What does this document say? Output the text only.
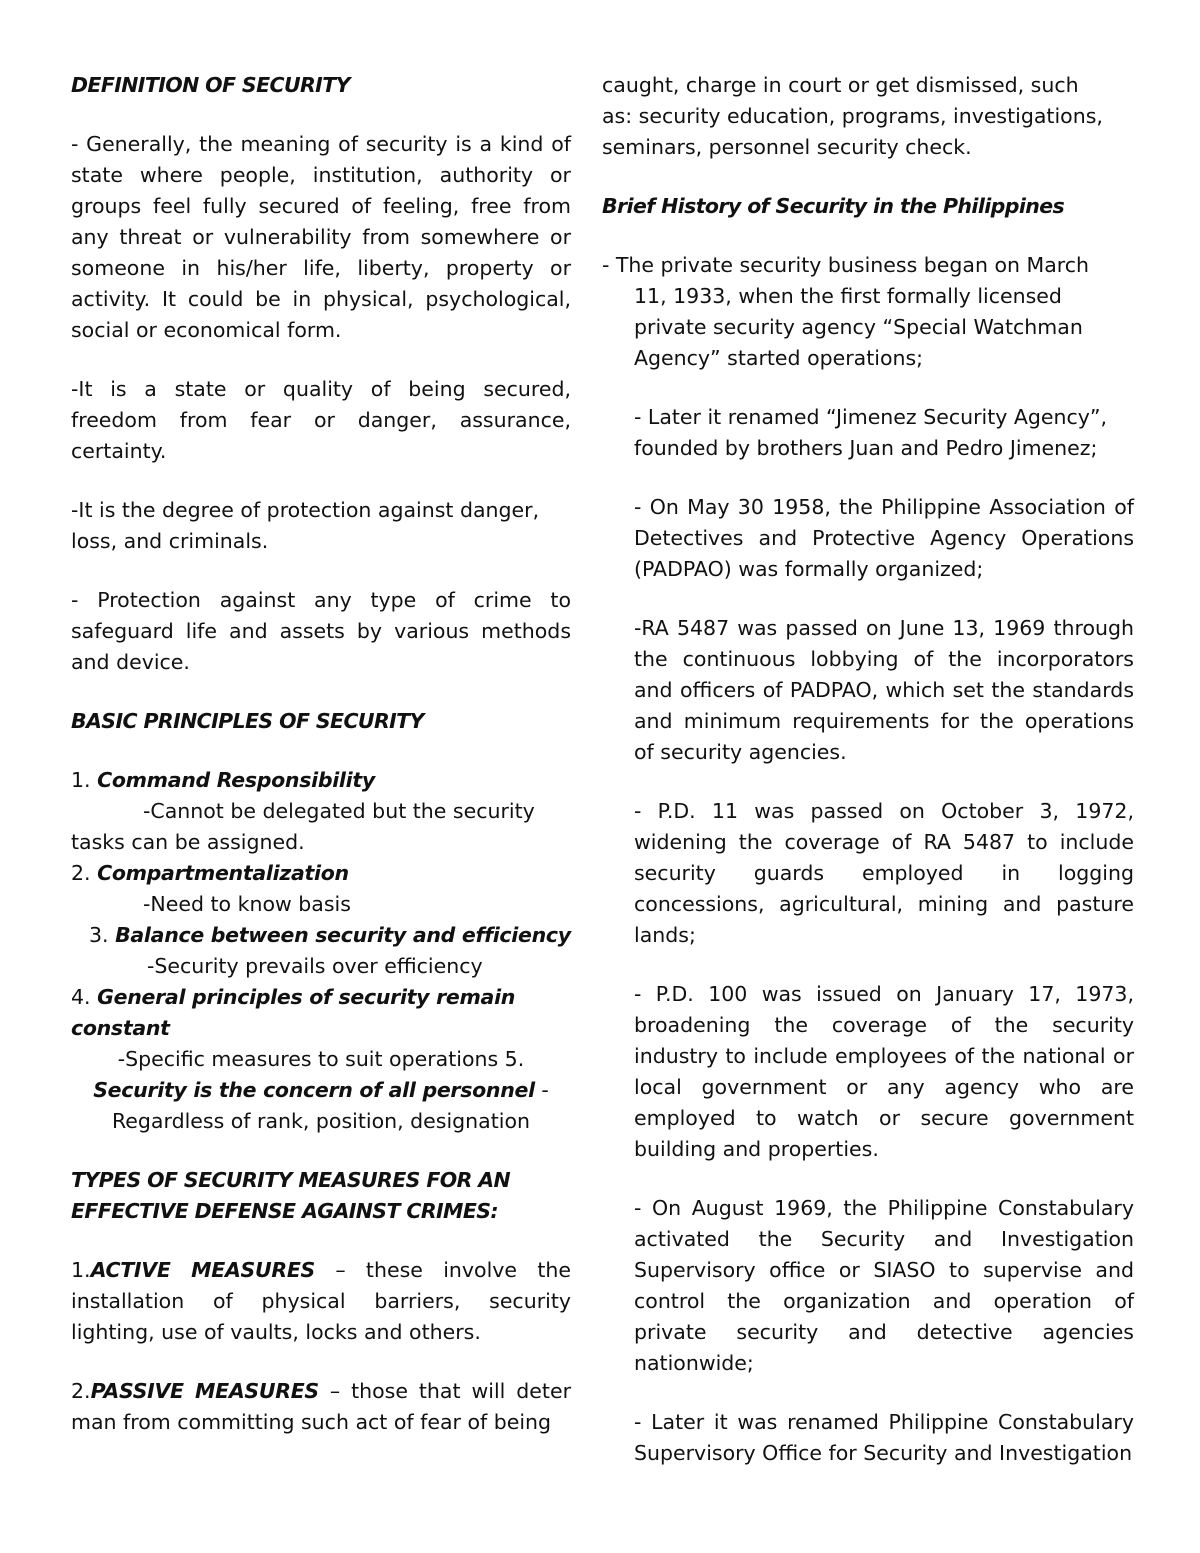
DEFINITION OF SECURITY

- Generally, the meaning of security is a kind of state where people, institution, authority or groups feel fully secured of feeling, free from any threat or vulnerability from somewhere or someone in his/her life, liberty, property or activity. It could be in physical, psychological, social or economical form.

-It is a state or quality of being secured, freedom from fear or danger, assurance, certainty.

-It is the degree of protection against danger, loss, and criminals.

- Protection against any type of crime to safeguard life and assets by various methods and device.

BASIC PRINCIPLES OF SECURITY

1. Command Responsibility

-Cannot be delegated but the security

tasks can be assigned.

2. Compartmentalization

-Need to know basis

3. Balance between security and efficiency

-Security prevails over efficiency

4. General principles of security remain constant

-Specific measures to suit operations 5. Security is the concern of all personnel -Regardless of rank, position, designation

TYPES OF SECURITY MEASURES FOR AN EFFECTIVE DEFENSE AGAINST CRIMES:

1.ACTIVE MEASURES – these involve the installation of physical barriers, security lighting, use of vaults, locks and others.

2.PASSIVE MEASURES – those that will deter man from committing such act of fear of being

caught, charge in court or get dismissed, such as: security education, programs, investigations, seminars, personnel security check.

Brief History of Security in the Philippines

- The private security business began on March 11, 1933, when the first formally licensed private security agency “Special Watchman Agency” started operations;

- Later it renamed “Jimenez Security Agency”, founded by brothers Juan and Pedro Jimenez;

- On May 30 1958, the Philippine Association of Detectives and Protective Agency Operations (PADPAO) was formally organized;

-RA 5487 was passed on June 13, 1969 through the continuous lobbying of the incorporators and officers of PADPAO, which set the standards and minimum requirements for the operations of security agencies.

- P.D. 11 was passed on October 3, 1972, widening the coverage of RA 5487 to include security guards employed in logging concessions, agricultural, mining and pasture lands;

- P.D. 100 was issued on January 17, 1973, broadening the coverage of the security industry to include employees of the national or local government or any agency who are employed to watch or secure government building and properties.

- On August 1969, the Philippine Constabulary activated the Security and Investigation Supervisory office or SIASO to supervise and control the organization and operation of private security and detective agencies nationwide;

- Later it was renamed Philippine Constabulary Supervisory Office for Security and Investigation
